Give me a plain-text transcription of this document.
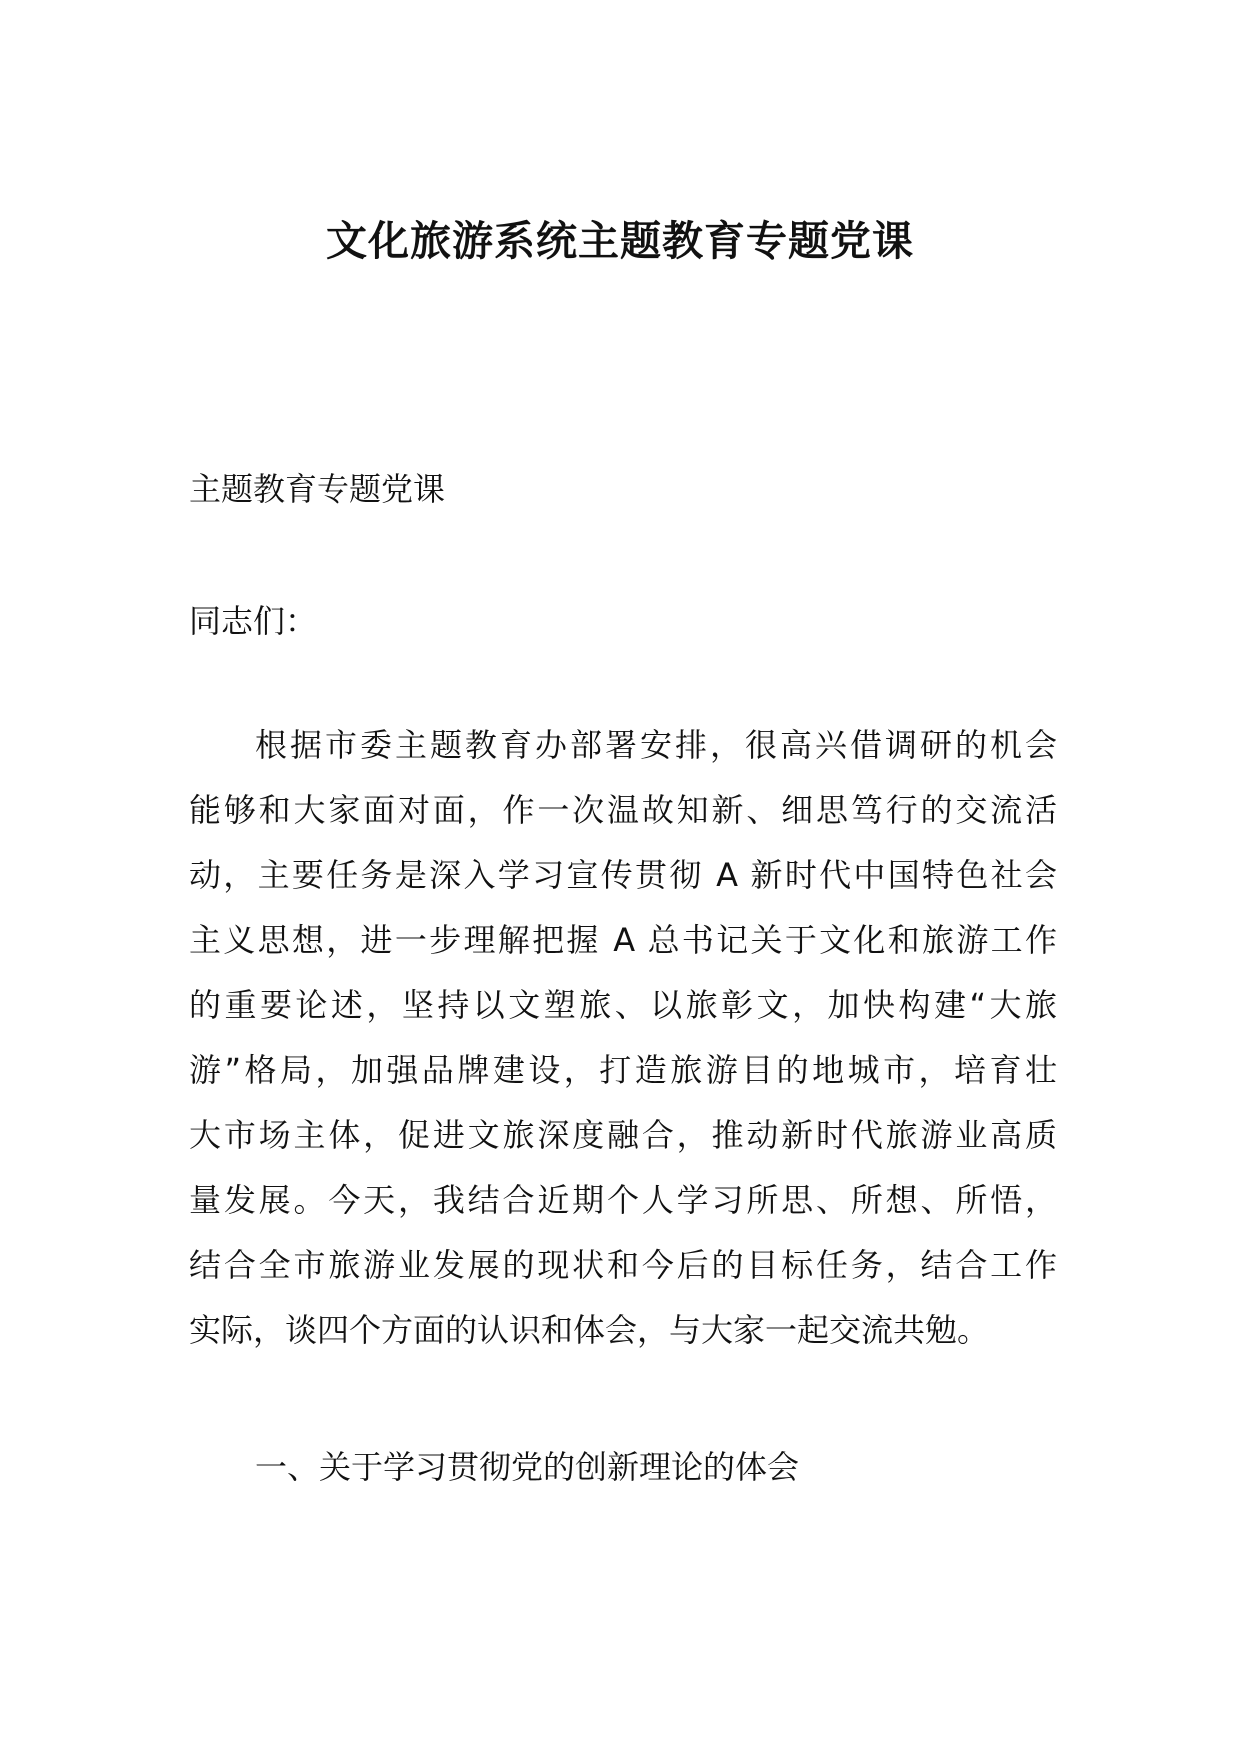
文化旅游系统主题教育专题党课
主题教育专题党课
同志们：
根据市委主题教育办部署安排，很高兴借调研的机会
能够和大家面对面，作一次温故知新、细思笃行的交流活
动，主要任务是深入学习宣传贯彻 A 新时代中国特色社会
主义思想，进一步理解把握 A 总书记关于文化和旅游工作
的重要论述，坚持以文塑旅、以旅彰文，加快构建“大旅
游”格局，加强品牌建设，打造旅游目的地城市，培育壮
大市场主体，促进文旅深度融合，推动新时代旅游业高质
量发展。今天，我结合近期个人学习所思、所想、所悟，
结合全市旅游业发展的现状和今后的目标任务，结合工作
实际，谈四个方面的认识和体会，与大家一起交流共勉。
一、关于学习贯彻党的创新理论的体会
